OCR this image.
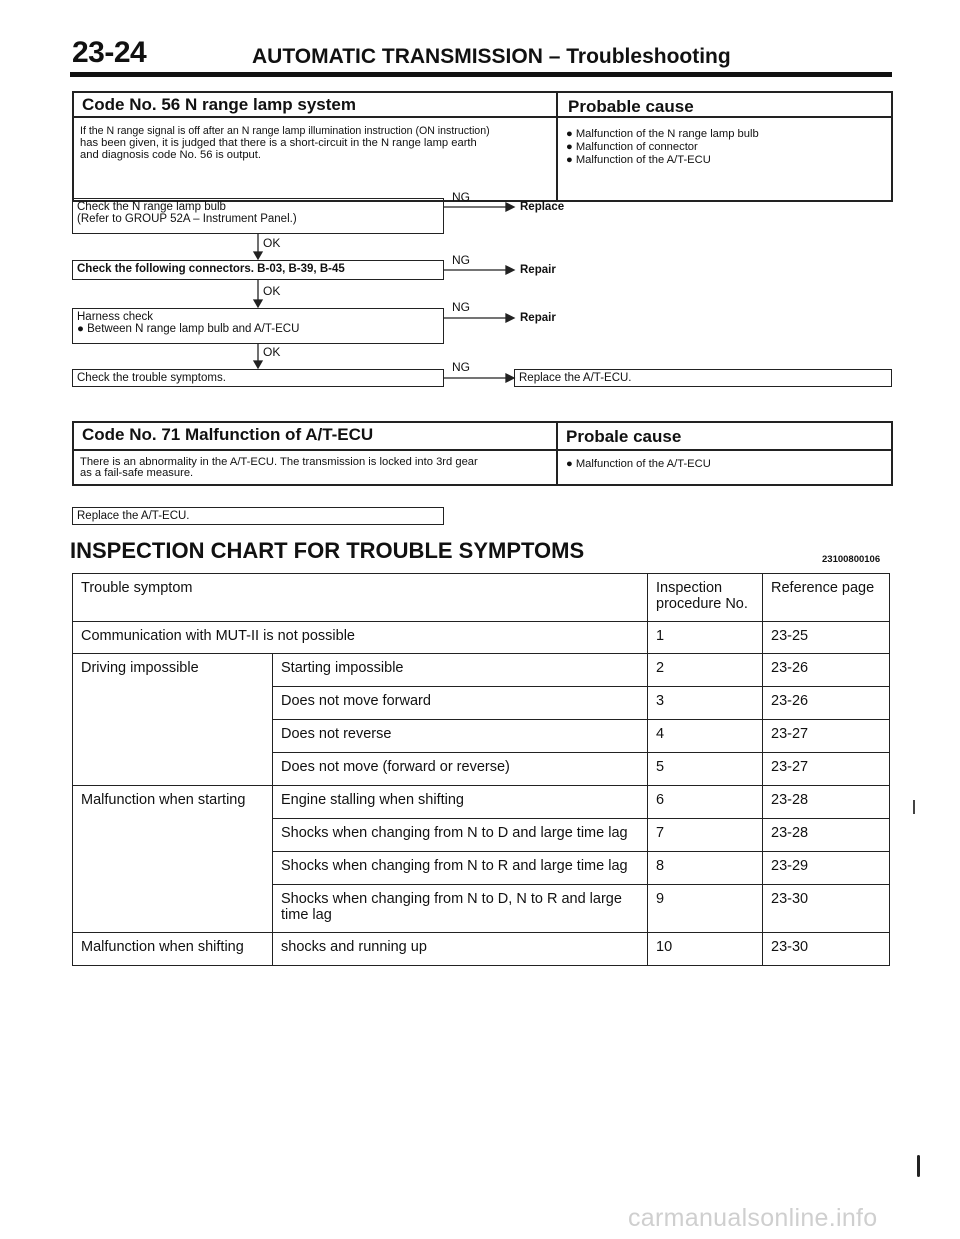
23-24	AUTOMATIC TRANSMISSION – Troubleshooting
Code No. 56 N range lamp system	Probable cause
If the N range signal is off after an N range lamp illumination instruction (ON instruction)
has been given, it is judged that there is a short-circuit in the N range lamp earth
and diagnosis code No. 56 is output.
● Malfunction of the N range lamp bulb
● Malfunction of connector
● Malfunction of the A/T-ECU
Check the N range lamp bulb
(Refer to GROUP 52A – Instrument Panel.)
Check the following connectors. B-03, B-39, B-45
Harness check
● Between N range lamp bulb and A/T-ECU
Check the trouble symptoms.
NG
NG
NG
NG
OK
OK
OK
Replace
Repair
Repair
Replace the A/T-ECU.
Code No. 71 Malfunction of A/T-ECU	Probale cause
There is an abnormality in the A/T-ECU. The transmission is locked into 3rd gear
as a fail-safe measure.
● Malfunction of the A/T-ECU
Replace the A/T-ECU.
INSPECTION CHART FOR TROUBLE SYMPTOMS	23100800106
Trouble symptom		Inspection procedure No.	Reference page
Communication with MUT-II is not possible		1	23-25
Driving impossible	Starting impossible	2	23-26
	Does not move forward	3	23-26
	Does not reverse	4	23-27
	Does not move (forward or reverse)	5	23-27
Malfunction when starting	Engine stalling when shifting	6	23-28
	Shocks when changing from N to D and large time lag	7	23-28
	Shocks when changing from N to R and large time lag	8	23-29
	Shocks when changing from N to D, N to R and large time lag	9	23-30
Malfunction when shifting	shocks and running up	10	23-30
carmanualsonline.info
